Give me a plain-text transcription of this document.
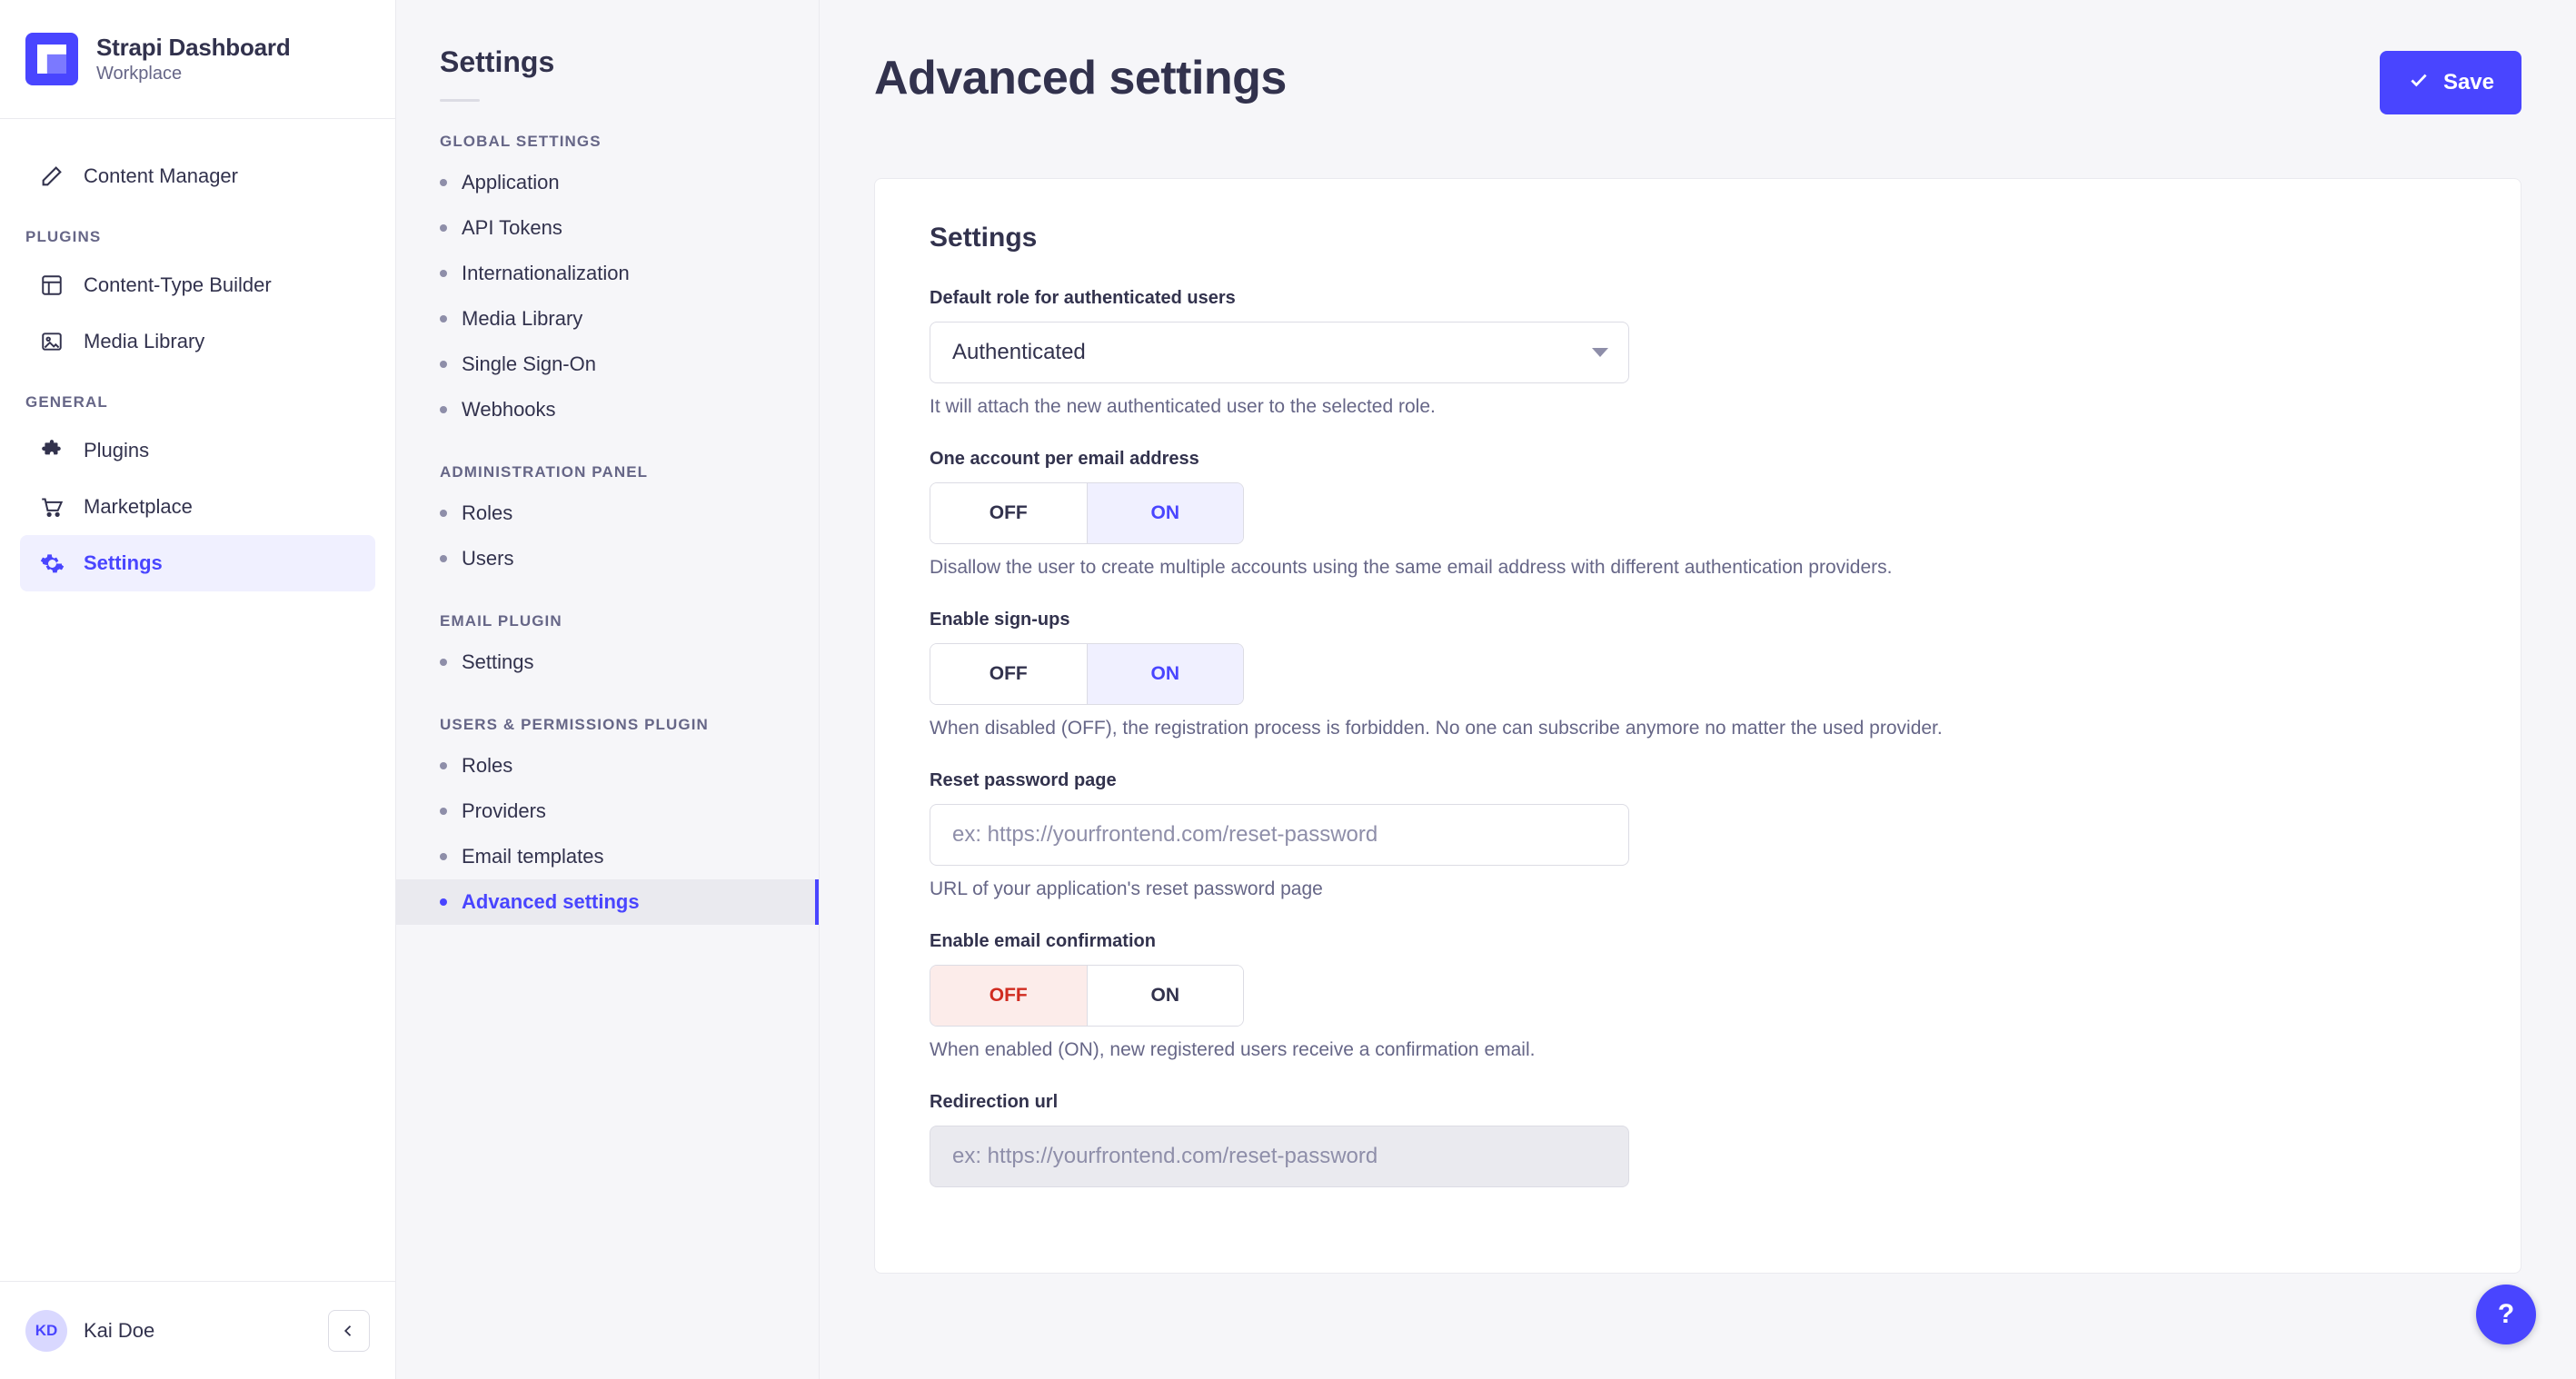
Strapi Dashboard
Workplace
Content Manager
PLUGINS
Content-Type Builder
Media Library
GENERAL
Plugins
Marketplace
Settings
KD	Kai Doe
Settings
GLOBAL SETTINGS
Application
API Tokens
Internationalization
Media Library
Single Sign-On
Webhooks
ADMINISTRATION PANEL
Roles
Users
EMAIL PLUGIN
Settings
USERS & PERMISSIONS PLUGIN
Roles
Providers
Email templates
Advanced settings
Advanced settings	Save
Settings
Default role for authenticated users
Authenticated
It will attach the new authenticated user to the selected role.
One account per email address
OFF	ON
Disallow the user to create multiple accounts using the same email address with different authentication providers.
Enable sign-ups
OFF	ON
When disabled (OFF), the registration process is forbidden. No one can subscribe anymore no matter the used provider.
Reset password page
ex: https://yourfrontend.com/reset-password
URL of your application's reset password page
Enable email confirmation
OFF	ON
When enabled (ON), new registered users receive a confirmation email.
Redirection url
ex: https://yourfrontend.com/reset-password
?
